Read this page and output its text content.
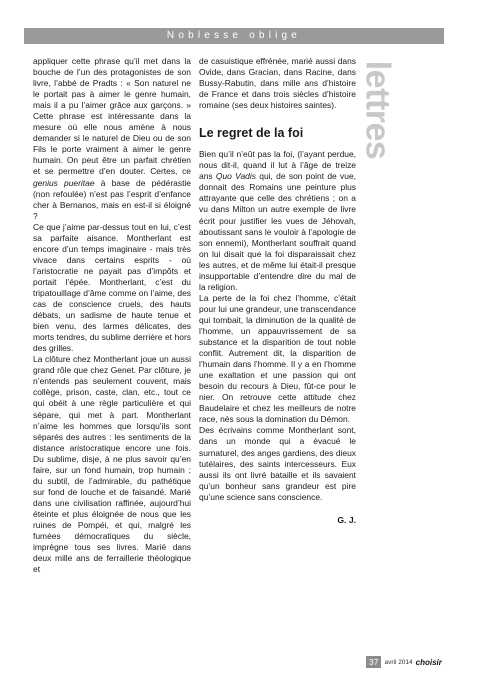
Noblesse oblige
lettres

appliquer cette phrase qu’il met dans la bouche de l’un des protagonistes de son livre, l’abbé de Pradts : « Son naturel ne le portait pas à aimer le genre humain, mais il a pu l’aimer grâce aux garçons. » Cette phrase est intéressante dans la mesure où elle nous amène à nous demander si le naturel de Dieu ou de son Fils le porte vraiment à aimer le genre humain. On peut être un parfait chrétien et se permettre d’en douter. Certes, ce genius pueritae à base de pédérastie (non refoulée) n’est pas l’esprit d’enfance cher à Bernanos, mais en est-il si éloigné ?

Ce que j’aime par-dessus tout en lui, c’est sa parfaite aisance. Montherlant est encore d’un temps imaginaire - mais très vivace dans certains esprits - où l’aristocratie ne payait pas d’impôts et portait l’épée. Montherlant, c’est du tripatouillage d’âme comme on l’aime, des cas de conscience cruels, des hauts débats, un sadisme de haute tenue et bien venu, des larmes délicates, des morts tendres, du sublime derrière et hors des grilles.

La clôture chez Montherlant joue un aussi grand rôle que chez Genet. Par clôture, je n’entends pas seulement couvent, mais collège, prison, caste, clan, etc., tout ce qui obéit à une règle particulière et qui sépare, qui met à part. Montherlant n’aime les hommes que lorsqu’ils sont séparés des autres : les sentiments de la distance aristocratique encore une fois. Du sublime, disje, à ne plus savoir qu’en faire, sur un fond humain, trop humain ; du subtil, de l’admirable, du pathétique sur fond de louche et de faisandé. Marié dans une civilisation raffinée, aujourd’hui éteinte et plus éloignée de nous que les ruines de Pompéi, et qui, malgré les fumées démocratiques du siècle, imprègne tous ses livres. Marié dans deux mille ans de ferraillerie théologique et

de casuistique effrénée, marié aussi dans Ovide, dans Gracian, dans Racine, dans Bussy-Rabutin, dans mille ans d’histoire de France et dans trois siècles d’histoire romaine (ses deux histoires saintes).

Le regret de la foi

Bien qu’il n’eût pas la foi, (l’ayant perdue, nous dit-il, quand il lut à l’âge de treize ans Quo Vadis qui, de son point de vue, donnait des Romains une peinture plus attrayante que celle des chrétiens ; on a vu dans Milton un autre exemple de livre écrit pour justifier les vues de Jéhovah, aboutissant sans le vouloir à l’apologie de son ennemi), Montherlant souffrait quand on lui disait que la foi disparaissait chez les autres, et de même lui était-il presque insupportable d’entendre dire du mal de la religion.

La perte de la foi chez l’homme, c’était pour lui une grandeur, une transcendance qui tombait, la diminution de la qualité de l’homme, un appauvrissement de sa substance et la disparition de tout noble conflit. Autrement dit, la disparition de l’humain dans l’homme. Il y a en l’homme une exaltation et une passion qui ont besoin du recours à Dieu, fût-ce pour le nier. On retrouve cette attitude chez Baudelaire et chez les meilleurs de notre race, nés sous la domination du Démon.

Des écrivains comme Montherlant sont, dans un monde qui a évacué le surnaturel, des anges gardiens, des dieux tutélaires, des saints intercesseurs. Eux aussi ils ont livré bataille et ils savaient qu’un bonheur sans grandeur est pire qu’une science sans conscience.

G. J.
37 avril 2014 choisir
